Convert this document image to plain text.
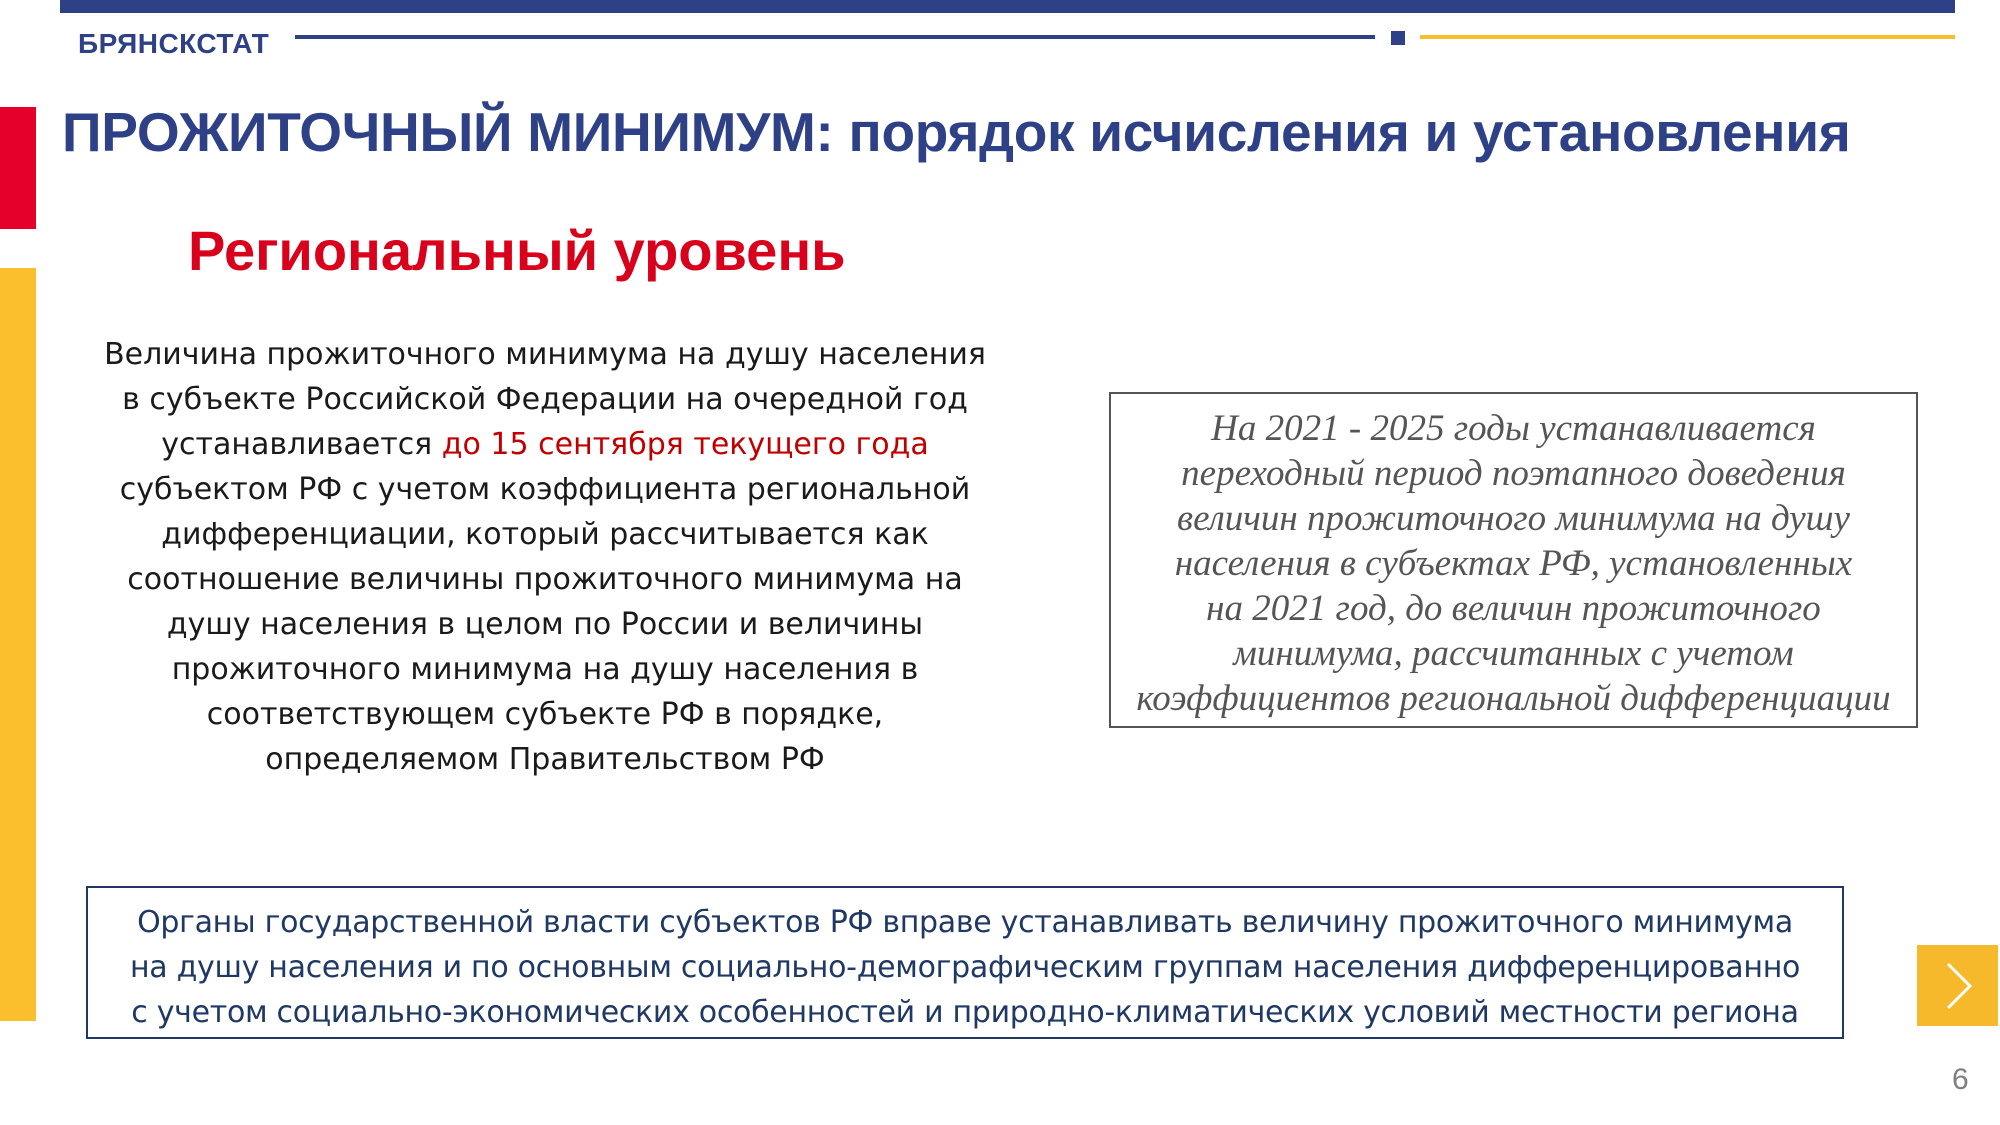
БРЯНСКСТАТ
ПРОЖИТОЧНЫЙ МИНИМУМ: порядок исчисления и установления
Региональный уровень
Величина прожиточного минимума на душу населения
в субъекте Российской Федерации на очередной год
устанавливается до 15 сентября текущего года
субъектом РФ с учетом коэффициента региональной
дифференциации, который рассчитывается как
соотношение величины прожиточного минимума на
душу населения в целом по России и величины
прожиточного минимума на душу населения в
соответствующем субъекте РФ в порядке,
определяемом Правительством РФ
На 2021 - 2025 годы устанавливается
переходный период поэтапного доведения
величин прожиточного минимума на душу
населения в субъектах РФ, установленных
на 2021 год, до величин прожиточного
минимума, рассчитанных с учетом
коэффициентов региональной дифференциации
Органы государственной власти субъектов РФ вправе устанавливать величину прожиточного минимума
на душу населения и по основным социально-демографическим группам населения дифференцированно
с учетом социально-экономических особенностей и природно-климатических условий местности региона
6
